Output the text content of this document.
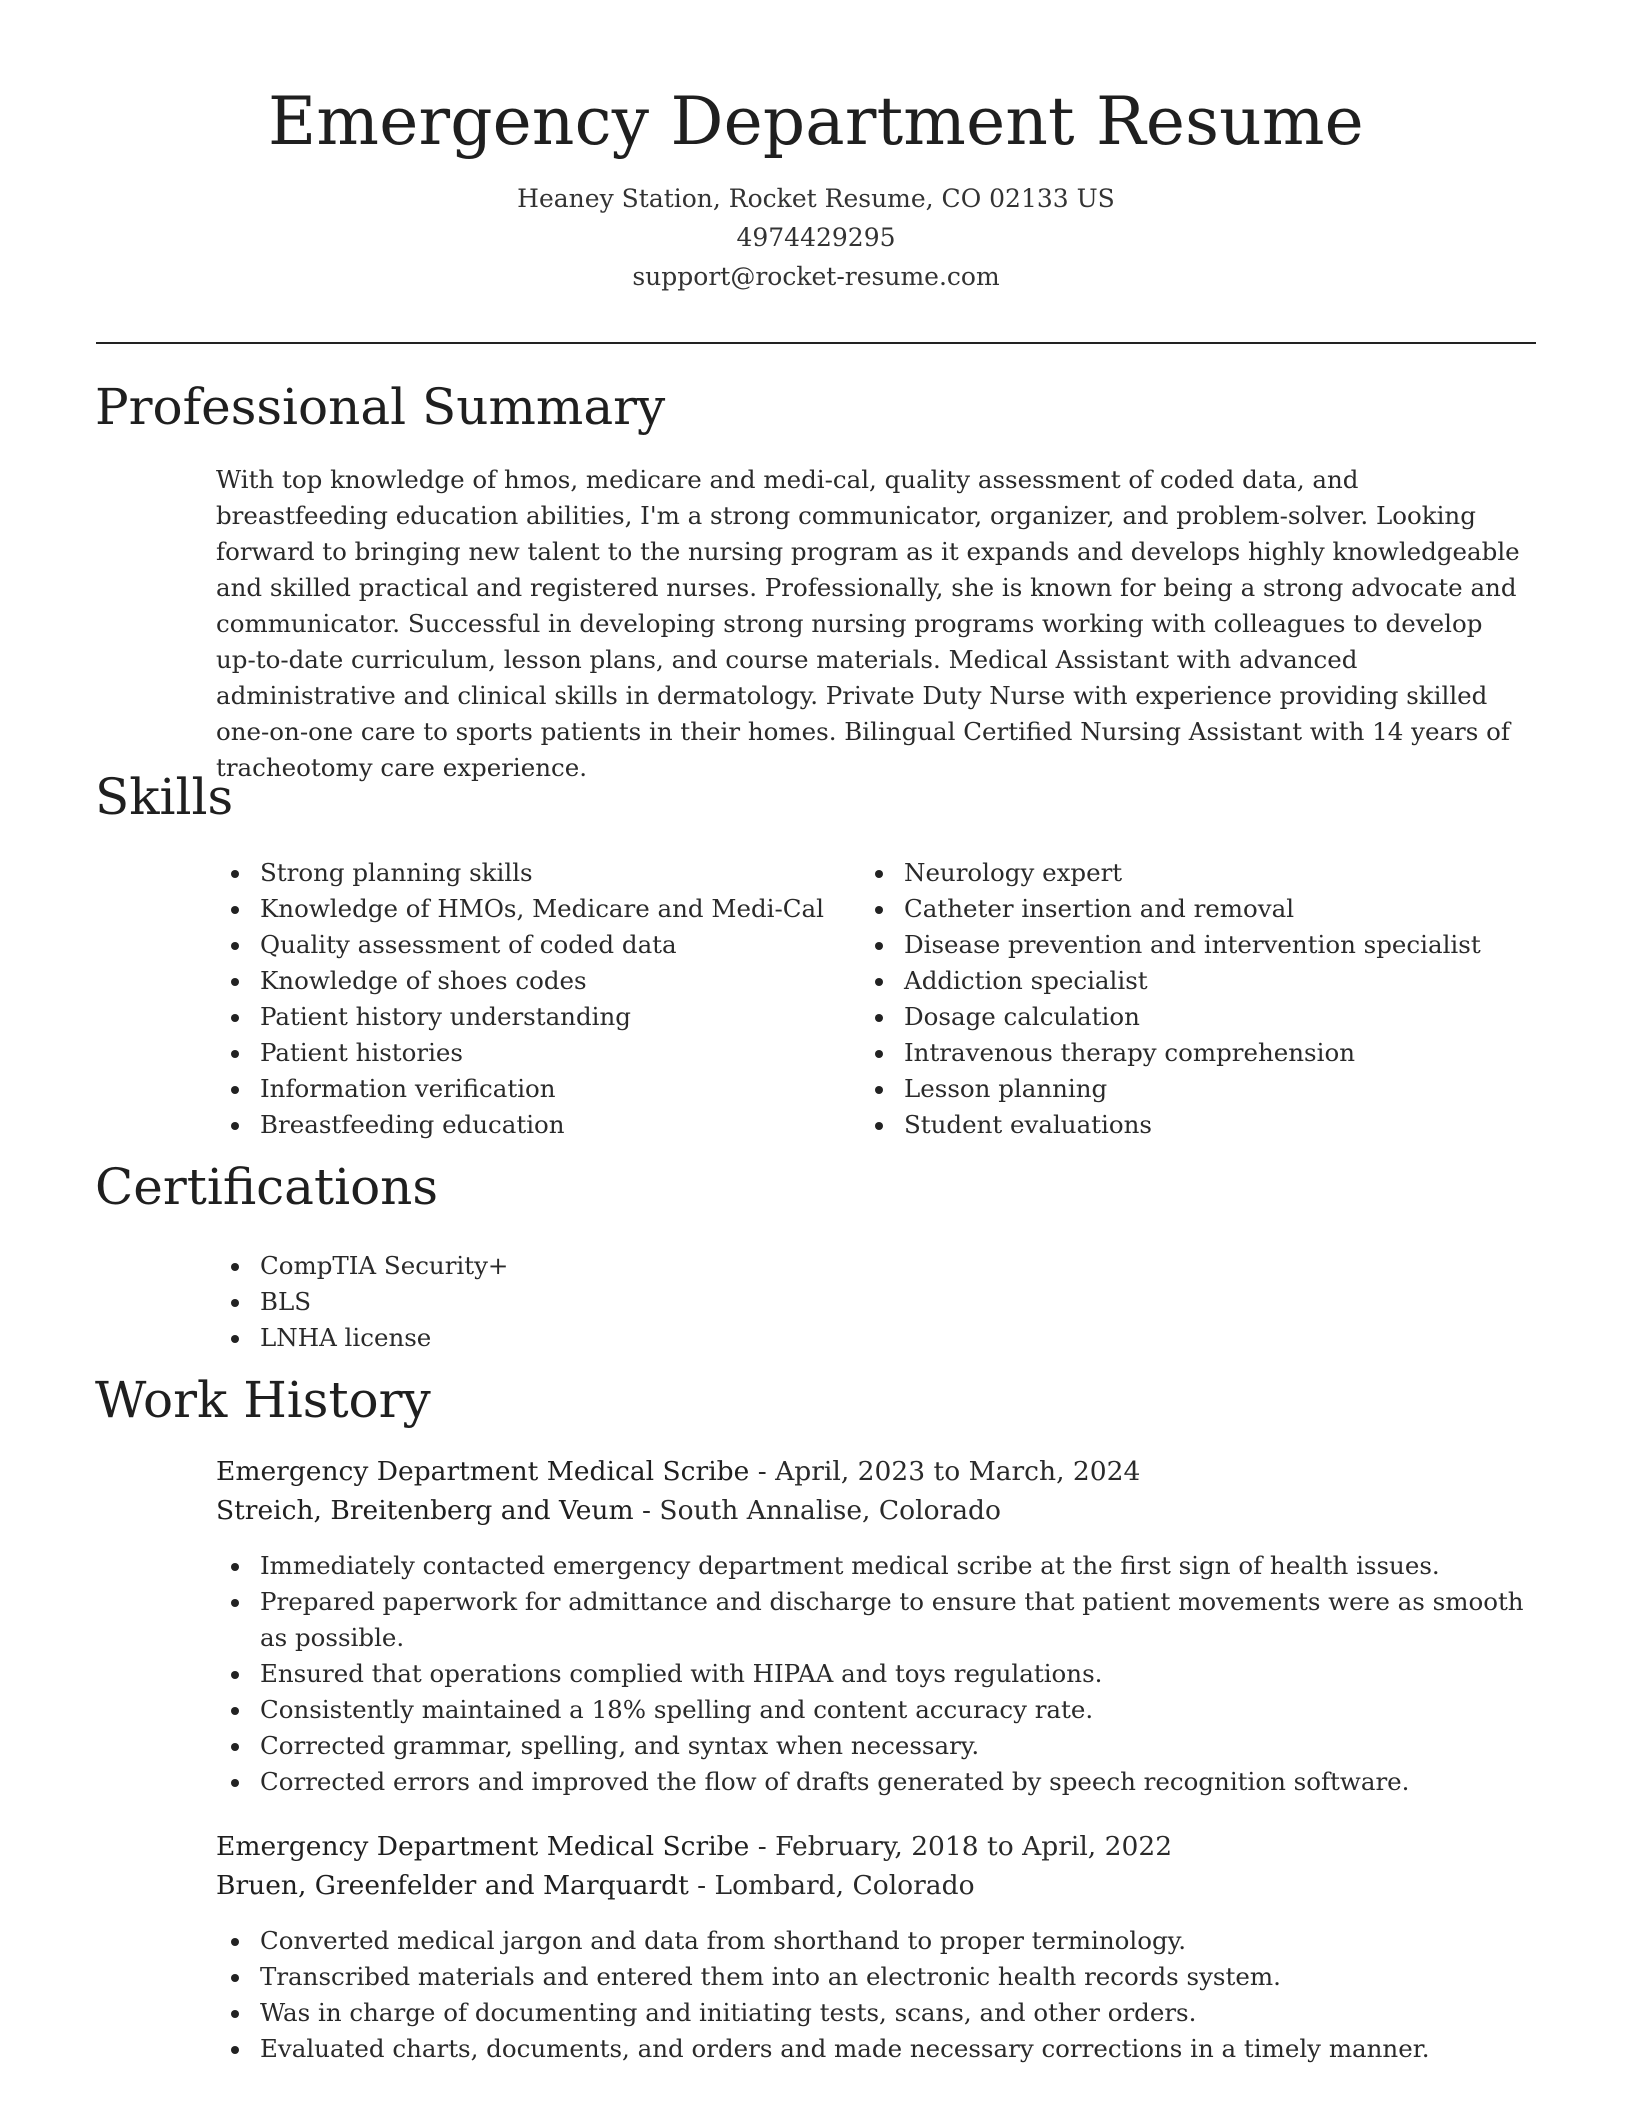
Emergency Department Resume
Heaney Station, Rocket Resume, CO 02133 US
4974429295
support@rocket-resume.com
Professional Summary

With top knowledge of hmos, medicare and medi-cal, quality assessment of coded data, and breastfeeding education abilities, I'm a strong communicator, organizer, and problem-solver. Looking forward to bringing new talent to the nursing program as it expands and develops highly knowledgeable and skilled practical and registered nurses. Professionally, she is known for being a strong advocate and communicator. Successful in developing strong nursing programs working with colleagues to develop up-to-date curriculum, lesson plans, and course materials. Medical Assistant with advanced administrative and clinical skills in dermatology. Private Duty Nurse with experience providing skilled one-on-one care to sports patients in their homes. Bilingual Certified Nursing Assistant with 14 years of tracheotomy care experience.

Skills
Strong planning skills
Knowledge of HMOs, Medicare and Medi-Cal
Quality assessment of coded data
Knowledge of shoes codes
Patient history understanding
Patient histories
Information verification
Breastfeeding education
Neurology expert
Catheter insertion and removal
Disease prevention and intervention specialist
Addiction specialist
Dosage calculation
Intravenous therapy comprehension
Lesson planning
Student evaluations
Certifications
CompTIA Security+
BLS
LNHA license
Work History
Emergency Department Medical Scribe - April, 2023 to March, 2024
Streich, Breitenberg and Veum - South Annalise, Colorado
Immediately contacted emergency department medical scribe at the first sign of health issues.
Prepared paperwork for admittance and discharge to ensure that patient movements were as smooth as possible.
Ensured that operations complied with HIPAA and toys regulations.
Consistently maintained a 18% spelling and content accuracy rate.
Corrected grammar, spelling, and syntax when necessary.
Corrected errors and improved the flow of drafts generated by speech recognition software.
Emergency Department Medical Scribe - February, 2018 to April, 2022
Bruen, Greenfelder and Marquardt - Lombard, Colorado
Converted medical jargon and data from shorthand to proper terminology.
Transcribed materials and entered them into an electronic health records system.
Was in charge of documenting and initiating tests, scans, and other orders.
Evaluated charts, documents, and orders and made necessary corrections in a timely manner.
